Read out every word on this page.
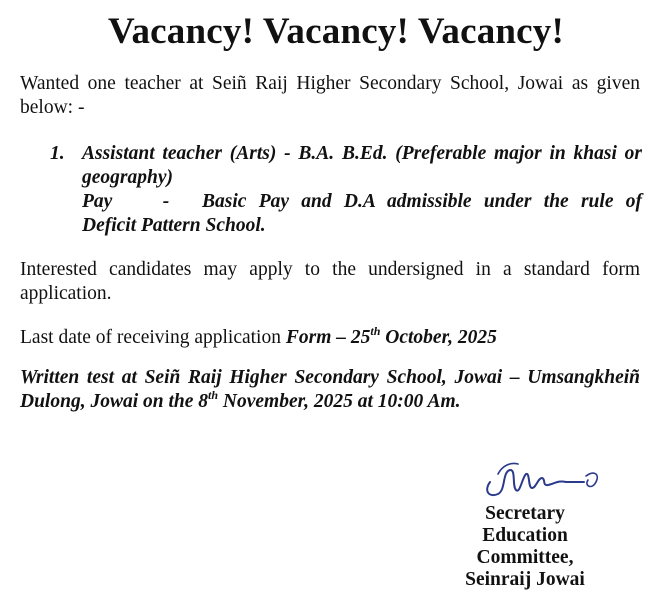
Vacancy! Vacancy! Vacancy!
Wanted one teacher at Seiñ Raij Higher Secondary School, Jowai as given below: -
1. Assistant teacher (Arts) - B.A. B.Ed. (Preferable major in khasi or geography)
Pay	-	Basic Pay and D.A admissible under the rule of
Deficit Pattern School.
Interested candidates may apply to the undersigned in a standard form application.
Last date of receiving application Form – 25th October, 2025
Written test at Seiñ Raij Higher Secondary School, Jowai – Umsangkheiñ Dulong, Jowai on the 8th November, 2025 at 10:00 Am.
Secretary
Education Committee,
Seinraij Jowai
